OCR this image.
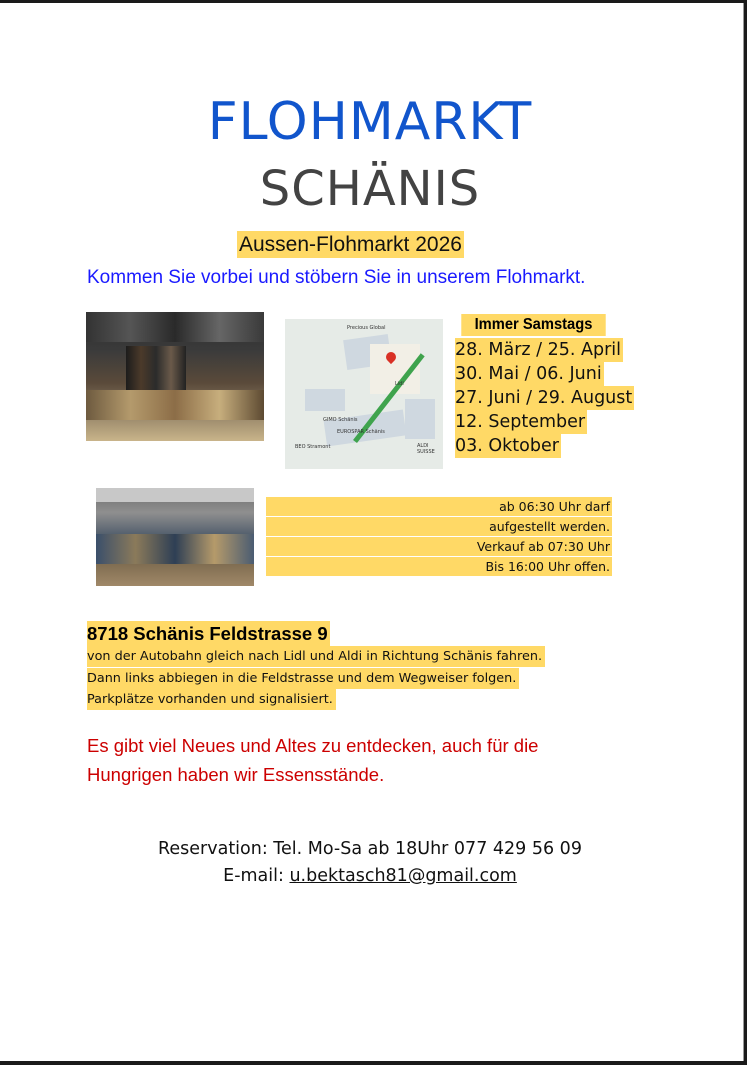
FLOHMARKT
SCHÄNIS
Aussen-Flohmarkt 2026
Kommen Sie vorbei und stöbern Sie in unserem Flohmarkt.
Precious Global
Lidl
EUROSPAR Schänis
BEO Stramont	ALDI SUISSE
GIMO Schänis
Immer Samstags
28. März / 25. April
30. Mai / 06. Juni
27. Juni / 29. August
12. September
03. Oktober
ab 06:30 Uhr darf
aufgestellt werden.
Verkauf ab 07:30 Uhr
Bis 16:00 Uhr offen.
8718 Schänis Feldstrasse 9
von der Autobahn gleich nach Lidl und Aldi in Richtung Schänis fahren.
Dann links abbiegen in die Feldstrasse und dem Wegweiser folgen.
Parkplätze vorhanden und signalisiert.
Es gibt viel Neues und Altes zu entdecken, auch für die
Hungrigen haben wir Essensstände.
Reservation: Tel. Mo-Sa ab 18Uhr 077 429 56 09
E-mail: u.bektasch81@gmail.com
